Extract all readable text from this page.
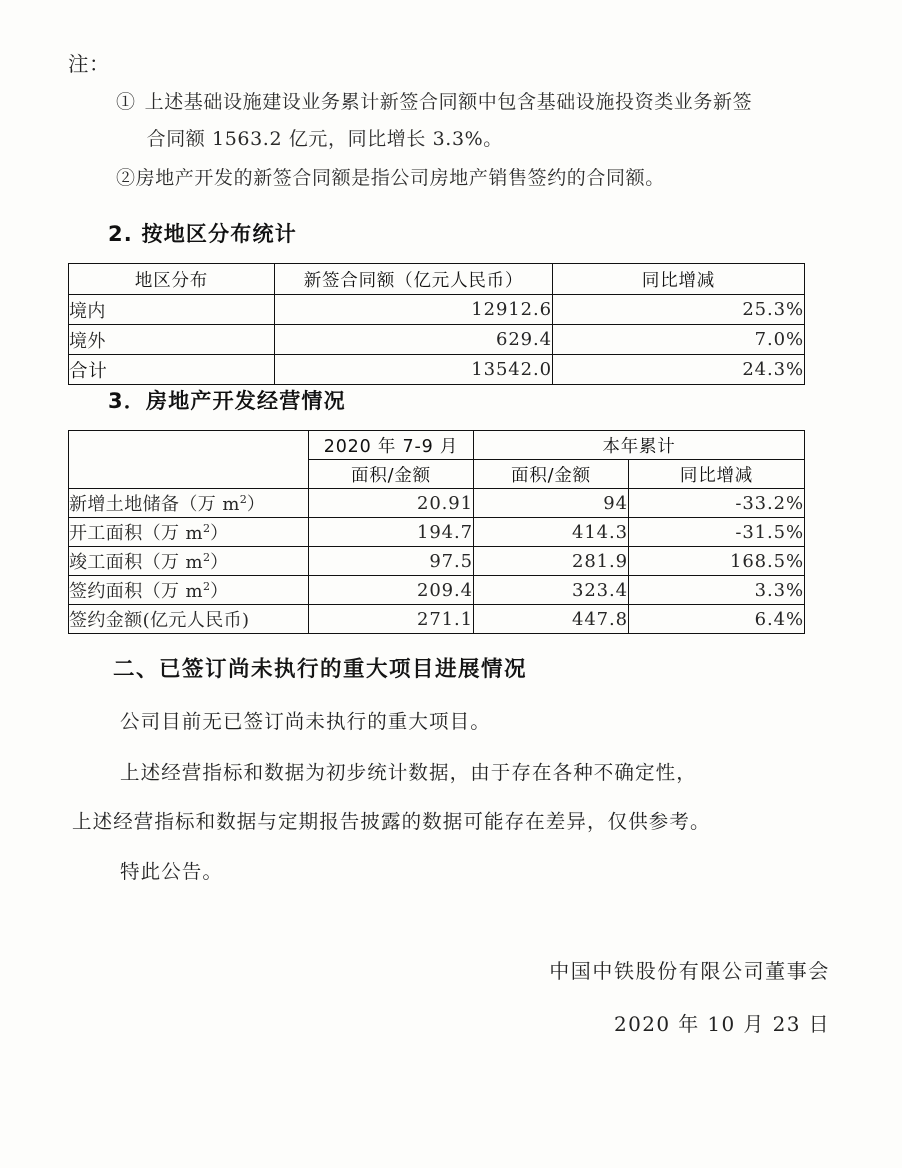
注：
① 上述基础设施建设业务累计新签合同额中包含基础设施投资类业务新签
合同额 1563.2 亿元，同比增长 3.3%。
② 房地产开发的新签合同额是指公司房地产销售签约的合同额。
2. 按地区分布统计
地区分布	新签合同额（亿元人民币）	同比增减
境内	12912.6	25.3%
境外	629.4	7.0%
合计	13542.0	24.3%
3．房地产开发经营情况
	2020 年 7-9 月	本年累计	
	面积/金额	面积/金额	同比增减
新增土地储备（万 $m^2$）	20.91	94	-33.2%
开工面积（万 $m^2$）	194.7	414.3	-31.5%
竣工面积（万 $m^2$）	97.5	281.9	168.5%
签约面积（万 $m^2$）	209.4	323.4	3.3%
签约金额(亿元人民币)	271.1	447.8	6.4%
二、已签订尚未执行的重大项目进展情况
公司目前无已签订尚未执行的重大项目。
上述经营指标和数据为初步统计数据，由于存在各种不确定性，
上述经营指标和数据与定期报告披露的数据可能存在差异，仅供参考。
特此公告。
中国中铁股份有限公司董事会
2020 年 10 月 23 日
